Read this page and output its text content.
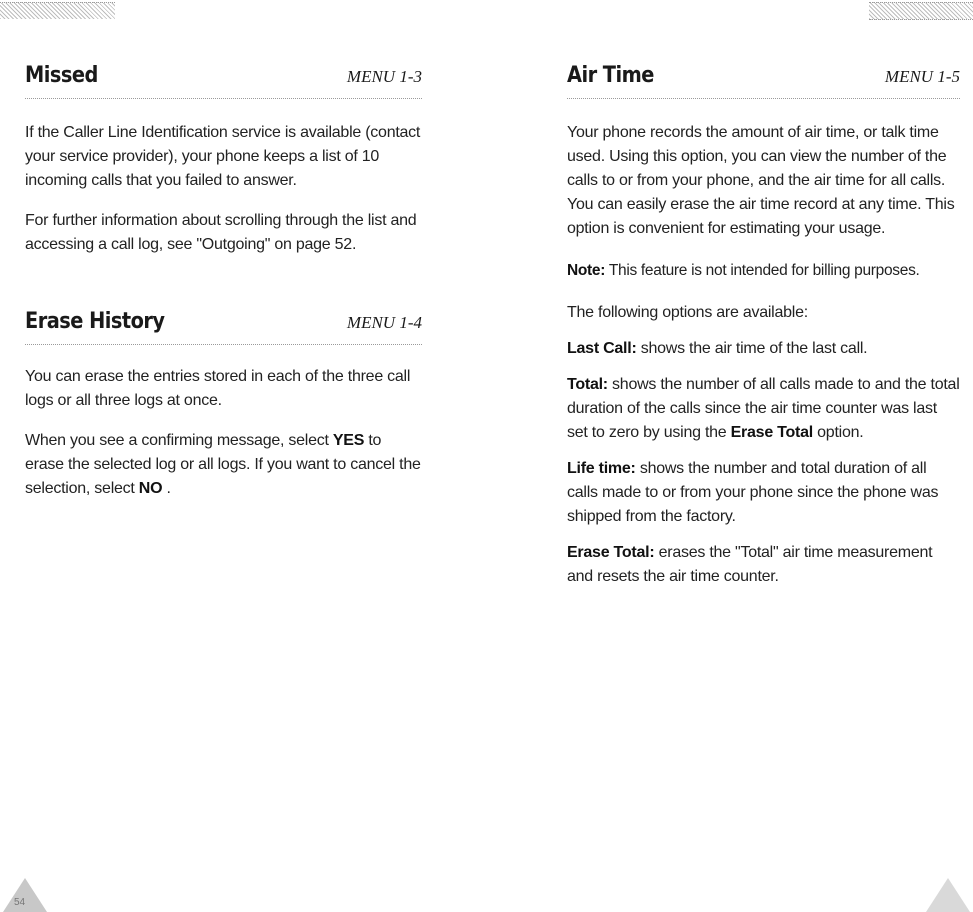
Missed	MENU 1-3

If the Caller Line Identification service is available (contact your service provider), your phone keeps a list of 10 incoming calls that you failed to answer.

For further information about scrolling through the list and accessing a call log, see "Outgoing" on page 52.

Erase History	MENU 1-4

You can erase the entries stored in each of the three call logs or all three logs at once.

When you see a confirming message, select YES to erase the selected log or all logs. If you want to cancel the selection, select NO .

Air Time	MENU 1-5

Your phone records the amount of air time, or talk time used. Using this option, you can view the number of the calls to or from your phone, and the air time for all calls. You can easily erase the air time record at any time. This option is convenient for estimating your usage.

Note: This feature is not intended for billing purposes.

The following options are available:

Last Call: shows the air time of the last call.

Total: shows the number of all calls made to and the total duration of the calls since the air time counter was last set to zero by using the Erase Total option.

Life time: shows the number and total duration of all calls made to or from your phone since the phone was shipped from the factory.

Erase Total: erases the "Total" air time measurement and resets the air time counter.

54
